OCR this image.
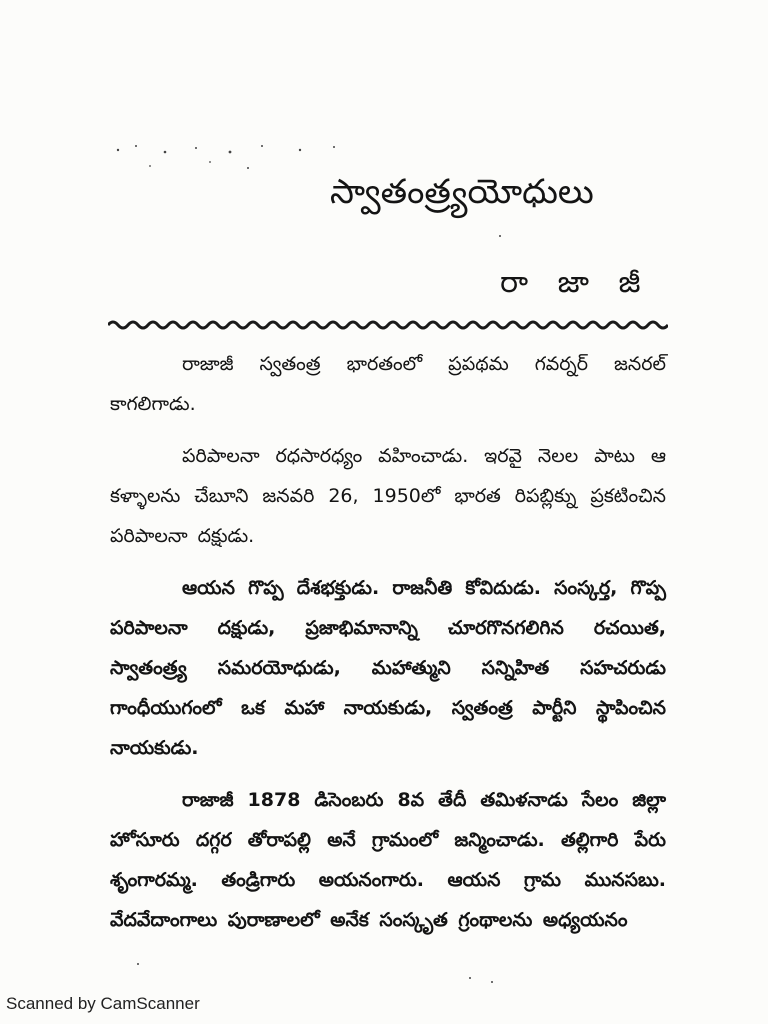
స్వాతంత్ర్యయోధులు
రా జా జీ

రాజాజీ స్వతంత్ర భారతంలో ప్రపథమ గవర్నర్ జనరల్ కాగలిగాడు.

పరిపాలనా రధసారధ్యం వహించాడు. ఇరవై నెలల పాటు ఆ కళ్ళాలను చేబూని జనవరి 26, 1950లో భారత రిపబ్లిక్ను ప్రకటించిన పరిపాలనా దక్షుడు.

ఆయన గొప్ప దేశభక్తుడు. రాజనీతి కోవిదుడు. సంస్కర్త, గొప్ప పరిపాలనా దక్షుడు, ప్రజాభిమానాన్ని చూరగొనగలిగిన రచయిత, స్వాతంత్ర్య సమరయోధుడు, మహాత్ముని సన్నిహిత సహచరుడు గాంధీయుగంలో ఒక మహా నాయకుడు, స్వతంత్ర పార్టీని స్థాపించిన నాయకుడు.

రాజాజీ 1878 డిసెంబరు 8వ తేదీ తమిళనాడు సేలం జిల్లా హోసూరు దగ్గర తోరాపల్లి అనే గ్రామంలో జన్మించాడు. తల్లిగారి పేరు శృంగారమ్మ. తండ్రిగారు అయనంగారు. ఆయన గ్రామ మునసబు. వేదవేదాంగాలు పురాణాలలో అనేక సంస్కృత గ్రంథాలను అధ్యయనం

Scanned by CamScanner
